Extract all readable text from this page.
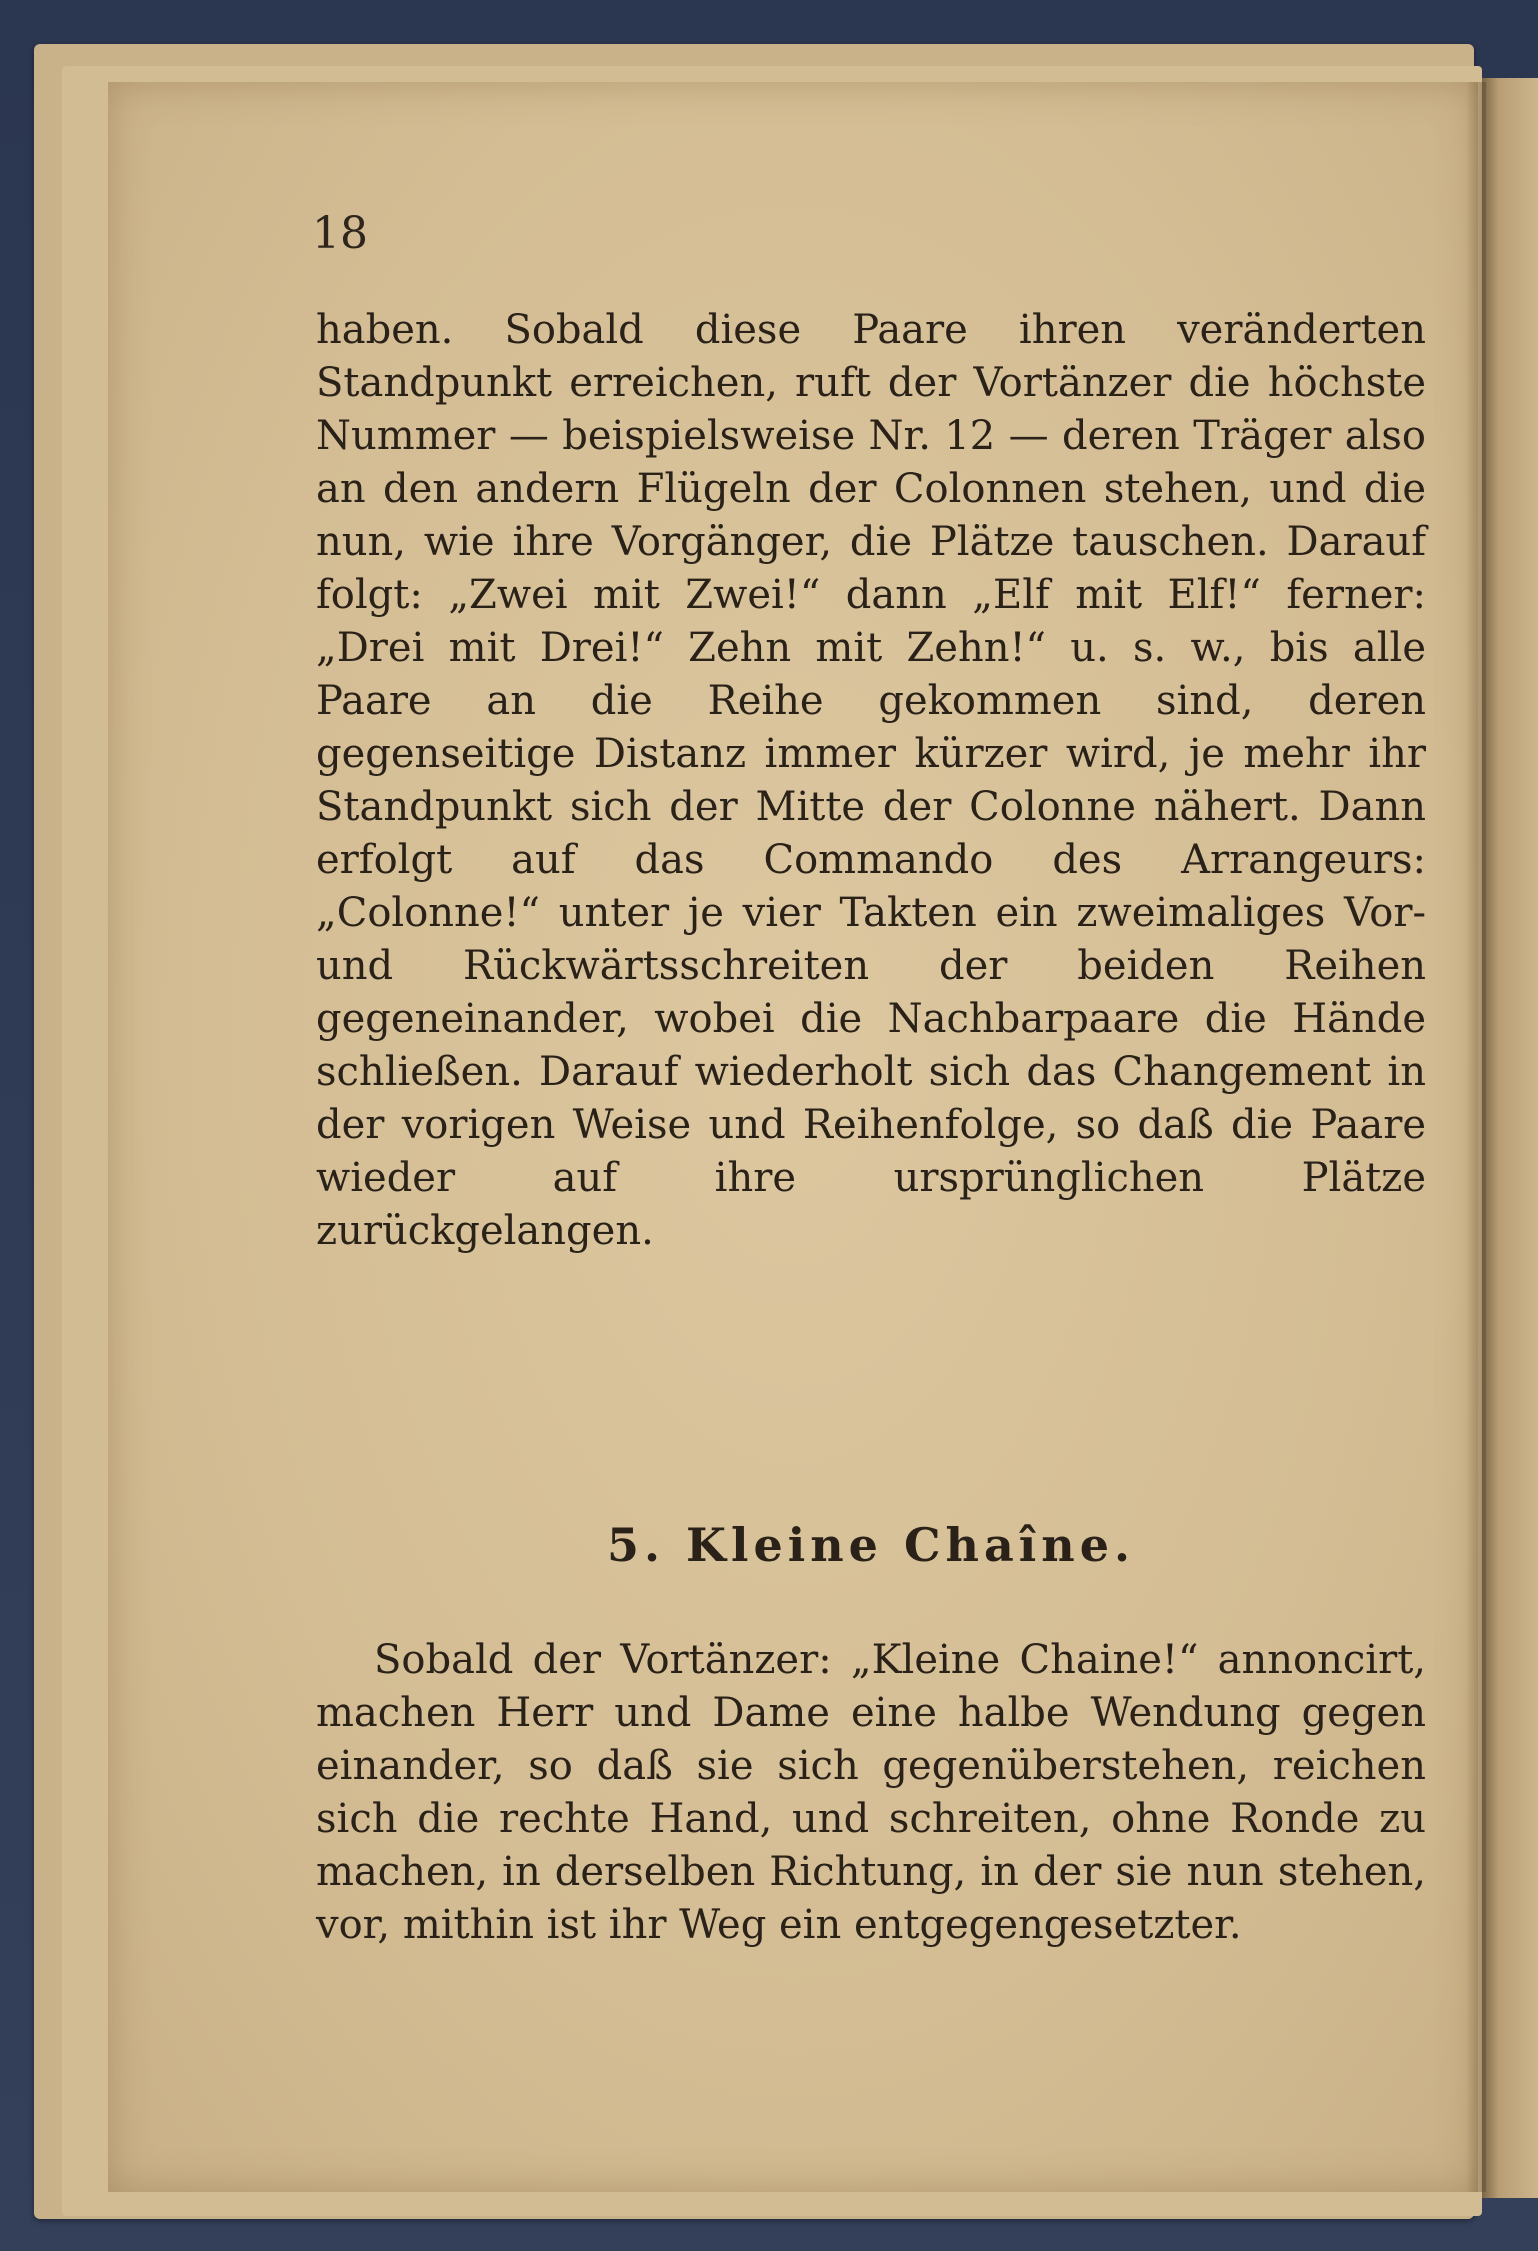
18

haben. Sobald diese Paare ihren veränderten Standpunkt erreichen, ruft der Vortänzer die höchste Nummer — beispielsweise Nr. 12 — deren Träger also an den andern Flügeln der Colonnen stehen, und die nun, wie ihre Vorgänger, die Plätze tauschen. Darauf folgt: „Zwei mit Zwei!“ dann „Elf mit Elf!“ ferner: „Drei mit Drei!“ Zehn mit Zehn!“ u. s. w., bis alle Paare an die Reihe gekommen sind, deren gegenseitige Distanz immer kürzer wird, je mehr ihr Standpunkt sich der Mitte der Colonne nähert. Dann erfolgt auf das Commando des Arrangeurs: „Colonne!“ unter je vier Takten ein zweimaliges Vor- und Rückwärtsschreiten der beiden Reihen gegeneinander, wobei die Nachbarpaare die Hände schließen. Darauf wiederholt sich das Changement in der vorigen Weise und Reihenfolge, so daß die Paare wieder auf ihre ursprünglichen Plätze zurückgelangen.

5. Kleine Chaîne.

Sobald der Vortänzer: „Kleine Chaine!“ annoncirt, machen Herr und Dame eine halbe Wendung gegen einander, so daß sie sich gegenüberstehen, reichen sich die rechte Hand, und schreiten, ohne Ronde zu machen, in derselben Richtung, in der sie nun stehen, vor, mithin ist ihr Weg ein entgegengesetzter.
